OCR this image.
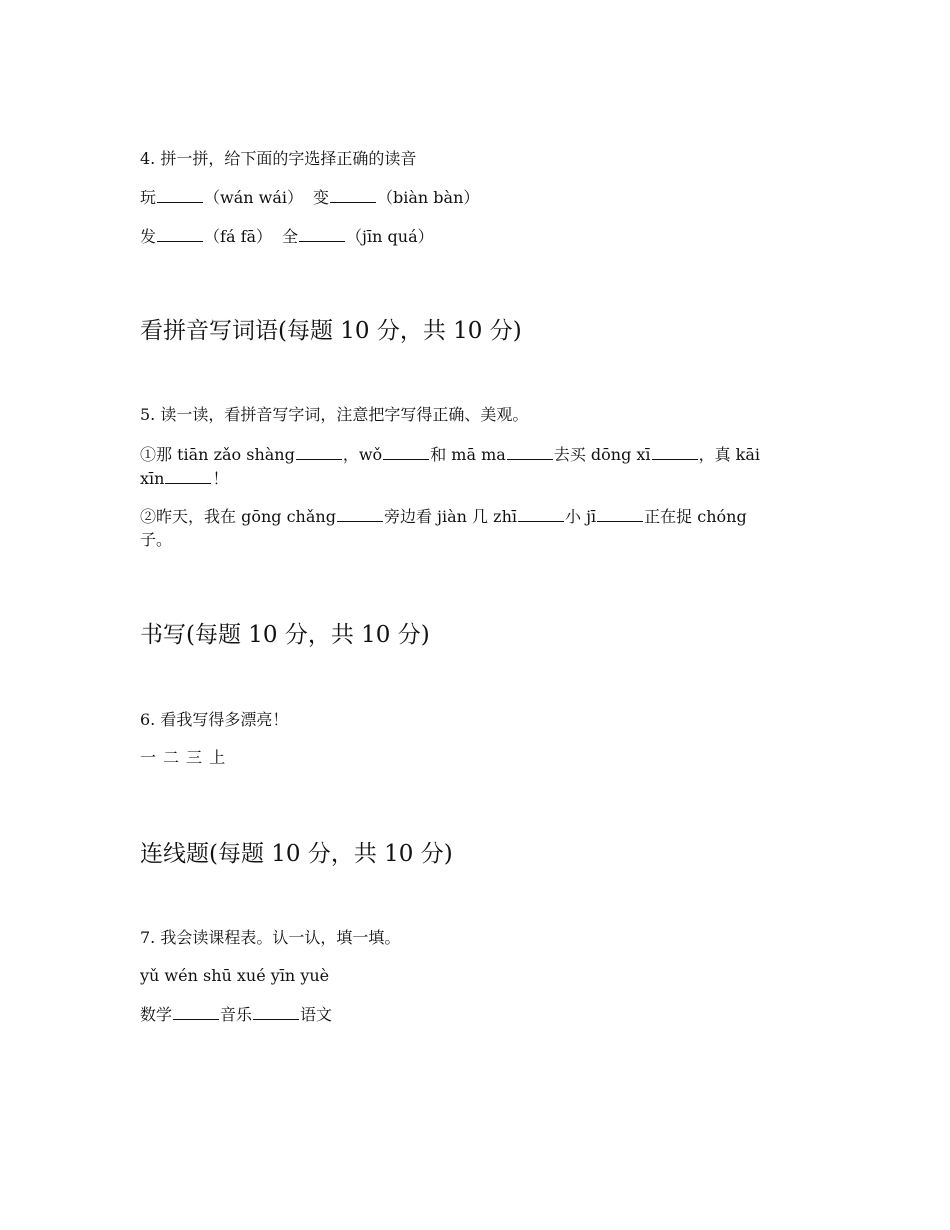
4. 拼一拼，给下面的字选择正确的读音
玩	（wán wái） 变	（biàn bàn）
发	（fá fā） 全	（jīn quá）
看拼音写词语(每题 10 分，共 10 分)
5. 读一读，看拼音写字词，注意把字写得正确、美观。
①那 tiān zǎo shàng	，wǒ	和 mā ma	去买 dōng xī	，真 kāi
xīn	！
②昨天，我在 gōng chǎng	旁边看 jiàn 几 zhī	小 jī	正在捉 chóng
子。
书写(每题 10 分，共 10 分)
6. 看我写得多漂亮！
一 二 三 上
连线题(每题 10 分，共 10 分)
7. 我会读课程表。认一认，填一填。
yǔ wén shū xué yīn yuè
数学	音乐	语文
